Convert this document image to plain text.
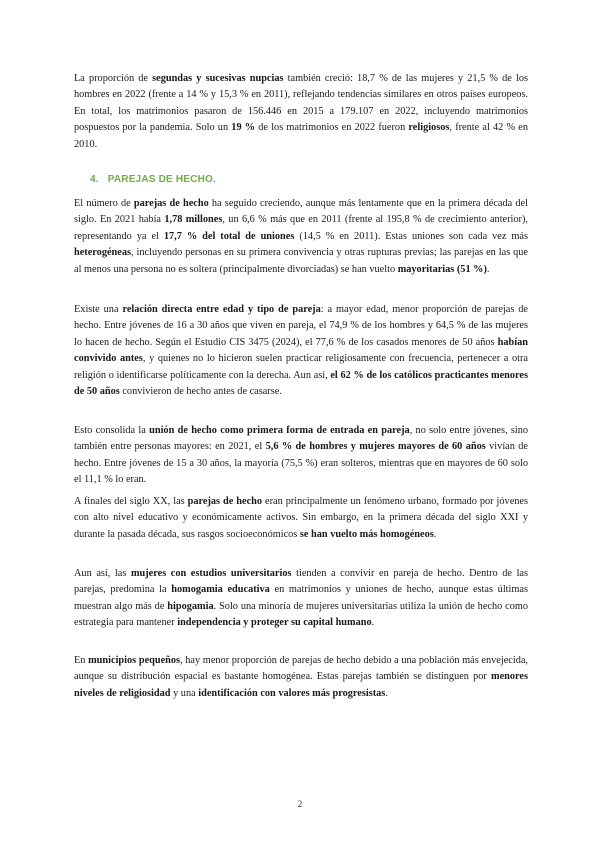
La proporción de segundas y sucesivas nupcias también creció: 18,7 % de las mujeres y 21,5 % de los hombres en 2022 (frente a 14 % y 15,3 % en 2011), reflejando tendencias similares en otros países europeos. En total, los matrimonios pasaron de 156.446 en 2015 a 179.107 en 2022, incluyendo matrimonios pospuestos por la pandemia. Solo un 19 % de los matrimonios en 2022 fueron religiosos, frente al 42 % en 2010.

4. PAREJAS DE HECHO.

El número de parejas de hecho ha seguido creciendo, aunque más lentamente que en la primera década del siglo. En 2021 había 1,78 millones, un 6,6 % más que en 2011 (frente al 195,8 % de crecimiento anterior), representando ya el 17,7 % del total de uniones (14,5 % en 2011). Estas uniones son cada vez más heterogéneas, incluyendo personas en su primera convivencia y otras rupturas previas; las parejas en las que al menos una persona no es soltera (principalmente divorciadas) se han vuelto mayoritarias (51 %).

Existe una relación directa entre edad y tipo de pareja: a mayor edad, menor proporción de parejas de hecho. Entre jóvenes de 16 a 30 años que viven en pareja, el 74,9 % de los hombres y 64,5 % de las mujeres lo hacen de hecho. Según el Estudio CIS 3475 (2024), el 77,6 % de los casados menores de 50 años habían convivido antes, y quienes no lo hicieron suelen practicar religiosamente con frecuencia, pertenecer a otra religión o identificarse políticamente con la derecha. Aun así, el 62 % de los católicos practicantes menores de 50 años convivieron de hecho antes de casarse.

Esto consolida la unión de hecho como primera forma de entrada en pareja, no solo entre jóvenes, sino también entre personas mayores: en 2021, el 5,6 % de hombres y mujeres mayores de 60 años vivían de hecho. Entre jóvenes de 15 a 30 años, la mayoría (75,5 %) eran solteros, mientras que en mayores de 60 solo el 11,1 % lo eran.

A finales del siglo XX, las parejas de hecho eran principalmente un fenómeno urbano, formado por jóvenes con alto nivel educativo y económicamente activos. Sin embargo, en la primera década del siglo XXI y durante la pasada década, sus rasgos socioeconómicos se han vuelto más homogéneos.

Aun así, las mujeres con estudios universitarios tienden a convivir en pareja de hecho. Dentro de las parejas, predomina la homogamia educativa en matrimonios y uniones de hecho, aunque estas últimas muestran algo más de hipogamia. Solo una minoría de mujeres universitarias utiliza la unión de hecho como estrategia para mantener independencia y proteger su capital humano.

En municipios pequeños, hay menor proporción de parejas de hecho debido a una población más envejecida, aunque su distribución espacial es bastante homogénea. Estas parejas también se distinguen por menores niveles de religiosidad y una identificación con valores más progresistas.

2
